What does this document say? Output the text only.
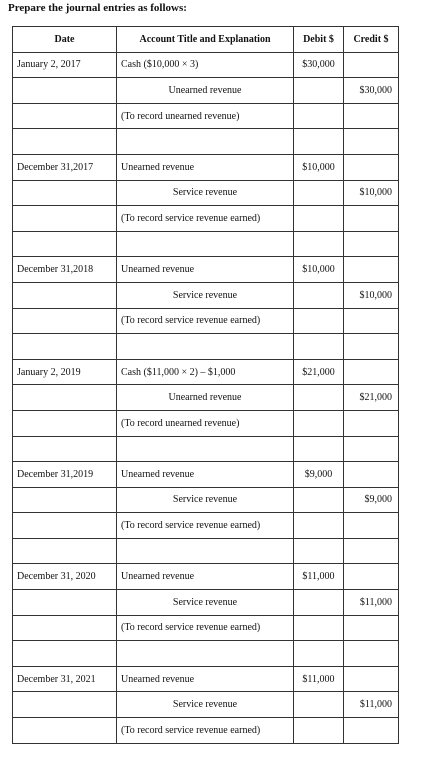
Prepare the journal entries as follows:
Date	Account Title and Explanation	Debit $	Credit $
January 2, 2017	Cash ($10,000 × 3)	$30,000	
	Unearned revenue		$30,000
	(To record unearned revenue)		

December 31,2017	Unearned revenue	$10,000	
	Service revenue		$10,000
	(To record service revenue earned)		

December 31,2018	Unearned revenue	$10,000	
	Service revenue		$10,000
	(To record service revenue earned)		

January 2, 2019	Cash ($11,000 × 2) – $1,000	$21,000	
	Unearned revenue		$21,000
	(To record unearned revenue)		

December 31,2019	Unearned revenue	$9,000	
	Service revenue		$9,000
	(To record service revenue earned)		

December 31, 2020	Unearned revenue	$11,000	
	Service revenue		$11,000
	(To record service revenue earned)		

December 31, 2021	Unearned revenue	$11,000	
	Service revenue		$11,000
	(To record service revenue earned)		
